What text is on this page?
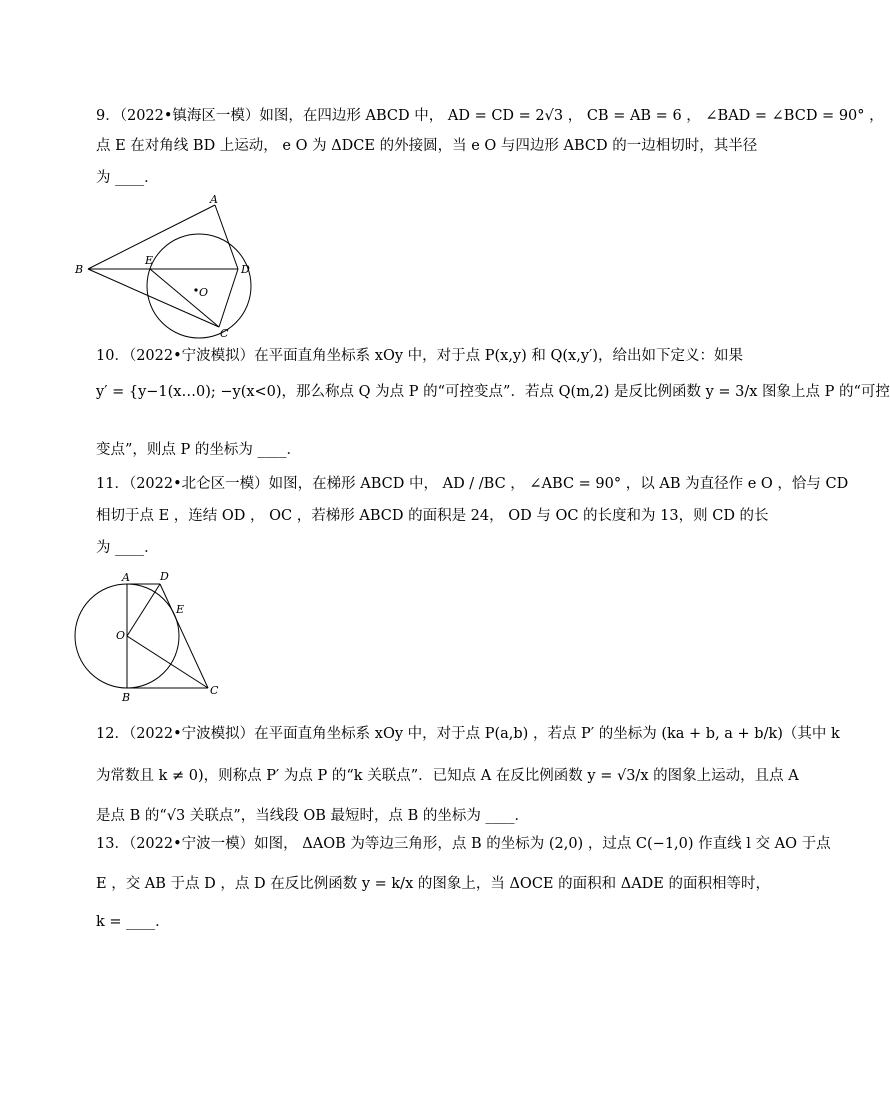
9．（2022•镇海区一模）如图，在四边形 ABCD 中， AD = CD = 2√3 ， CB = AB = 6 ， ∠BAD = ∠BCD = 90° ，
点 E 在对角线 BD 上运动， e O 为 ΔDCE 的外接圆，当 e O 与四边形 ABCD 的一边相切时，其半径
为 ____．
A
B
C
D
E
O
10．（2022•宁波模拟）在平面直角坐标系 xOy 中，对于点 P(x,y) 和 Q(x,y′)，给出如下定义：如果
y′ = {y−1(x…0); −y(x<0)，那么称点 Q 为点 P 的“可控变点”．若点 Q(m,2) 是反比例函数 y = 3/x 图象上点 P 的“可控
变点”，则点 P 的坐标为 ____．
11．（2022•北仑区一模）如图，在梯形 ABCD 中， AD / /BC ， ∠ABC = 90° ，以 AB 为直径作 e O ，恰与 CD
相切于点 E ，连结 OD ， OC ，若梯形 ABCD 的面积是 24， OD 与 OC 的长度和为 13，则 CD 的长
为 ____．
A
B
C
D
E
O
12．（2022•宁波模拟）在平面直角坐标系 xOy 中，对于点 P(a,b) ，若点 P′ 的坐标为 (ka + b, a + b/k)（其中 k
为常数且 k ≠ 0)，则称点 P′ 为点 P 的“k 关联点”．已知点 A 在反比例函数 y = √3/x 的图象上运动，且点 A
是点 B 的“√3 关联点”，当线段 OB 最短时，点 B 的坐标为 ____．
13．（2022•宁波一模）如图， ΔAOB 为等边三角形，点 B 的坐标为 (2,0) ，过点 C(−1,0) 作直线 l 交 AO 于点
E ，交 AB 于点 D ，点 D 在反比例函数 y = k/x 的图象上，当 ΔOCE 的面积和 ΔADE 的面积相等时，
k = ____．
